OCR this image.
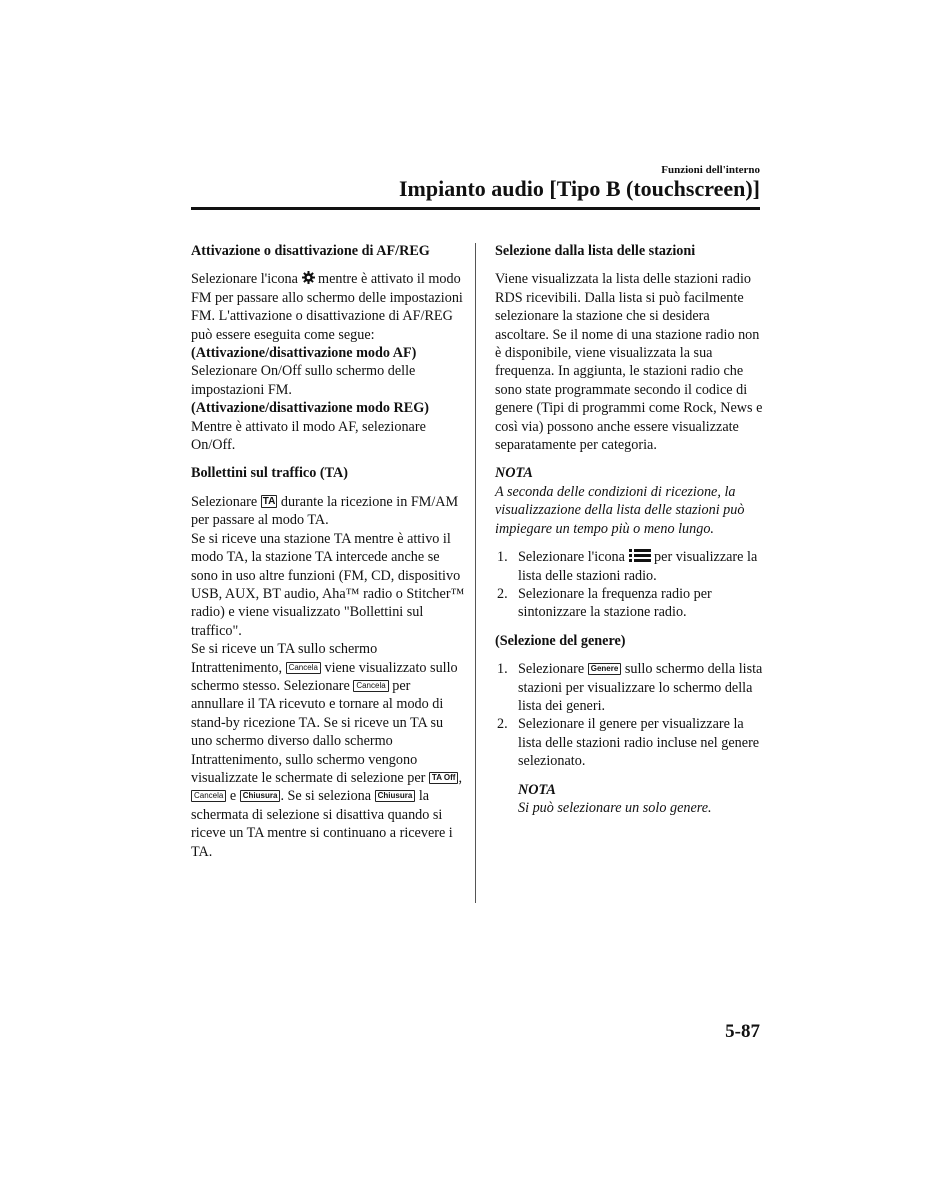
Funzioni dell'interno
Impianto audio [Tipo B (touchscreen)]

Attivazione o disattivazione di AF/REG

Selezionare l'icona  mentre è attivato il modo FM per passare allo schermo delle impostazioni FM. L'attivazione o disattivazione di AF/REG può essere eseguita come segue:

(Attivazione/disattivazione modo AF)

Selezionare On/Off sullo schermo delle impostazioni FM.

(Attivazione/disattivazione modo REG)

Mentre è attivato il modo AF, selezionare On/Off.

Bollettini sul traffico (TA)

Selezionare TA durante la ricezione in FM/AM per passare al modo TA.

Se si riceve una stazione TA mentre è attivo il modo TA, la stazione TA intercede anche se sono in uso altre funzioni (FM, CD, dispositivo USB, AUX, BT audio, Aha™ radio o Stitcher™ radio) e viene visualizzato "Bollettini sul traffico".

Se si riceve un TA sullo schermo Intrattenimento, Cancela viene visualizzato sullo schermo stesso. Selezionare Cancela per annullare il TA ricevuto e tornare al modo di stand-by ricezione TA. Se si riceve un TA su uno schermo diverso dallo schermo Intrattenimento, sullo schermo vengono visualizzate le schermate di selezione per TA Off , Cancela e Chiusura . Se si seleziona Chiusura la schermata di selezione si disattiva quando si riceve un TA mentre si continuano a ricevere i TA.

Selezione dalla lista delle stazioni

Viene visualizzata la lista delle stazioni radio RDS ricevibili. Dalla lista si può facilmente selezionare la stazione che si desidera ascoltare. Se il nome di una stazione radio non è disponibile, viene visualizzata la sua frequenza. In aggiunta, le stazioni radio che sono state programmate secondo il codice di genere (Tipi di programmi come Rock, News e così via) possono anche essere visualizzate separatamente per categoria.

NOTA

A seconda delle condizioni di ricezione, la visualizzazione della lista delle stazioni può impiegare un tempo più o meno lungo.

1. Selezionare l'icona  per visualizzare la lista delle stazioni radio.
2. Selezionare la frequenza radio per sintonizzare la stazione radio.

(Selezione del genere)

1. Selezionare Genere sullo schermo della lista stazioni per visualizzare lo schermo della lista dei generi.
2. Selezionare il genere per visualizzare la lista delle stazioni radio incluse nel genere selezionato.

NOTA

Si può selezionare un solo genere.

5-87
